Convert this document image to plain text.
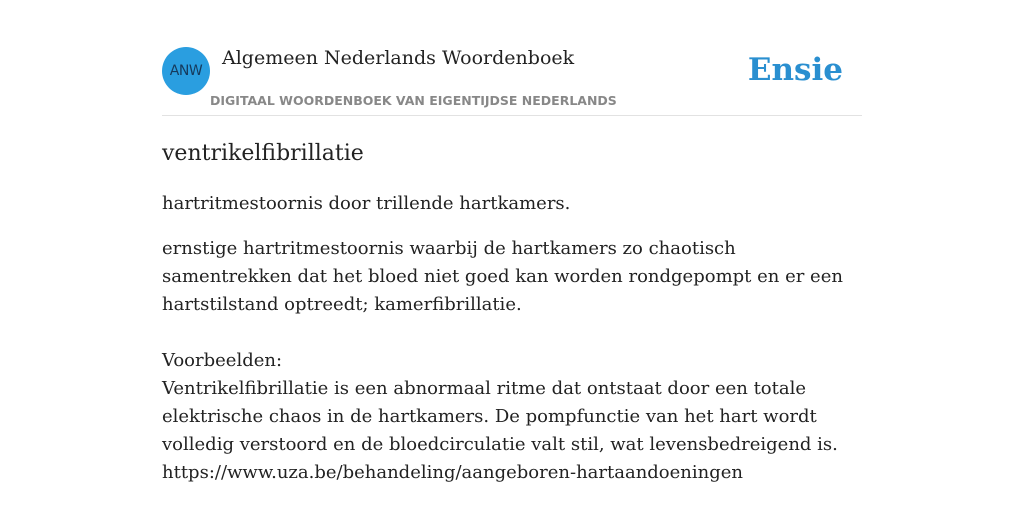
ANW
Algemeen Nederlands Woordenboek
DIGITAAL WOORDENBOEK VAN EIGENTIJDSE NEDERLANDS
Ensie
ventrikelfibrillatie

hartritmestoornis door trillende hartkamers.

ernstige hartritmestoornis waarbij de hartkamers zo chaotisch samentrekken dat het bloed niet goed kan worden rondgepompt en er een hartstilstand optreedt; kamerfibrillatie.

Voorbeelden:
Ventrikelfibrillatie is een abnormaal ritme dat ontstaat door een totale elektrische chaos in de hartkamers. De pompfunctie van het hart wordt volledig verstoord en de bloedcirculatie valt stil, wat levensbedreigend is.
https://www.uza.be/behandeling/aangeboren-hartaandoeningen
